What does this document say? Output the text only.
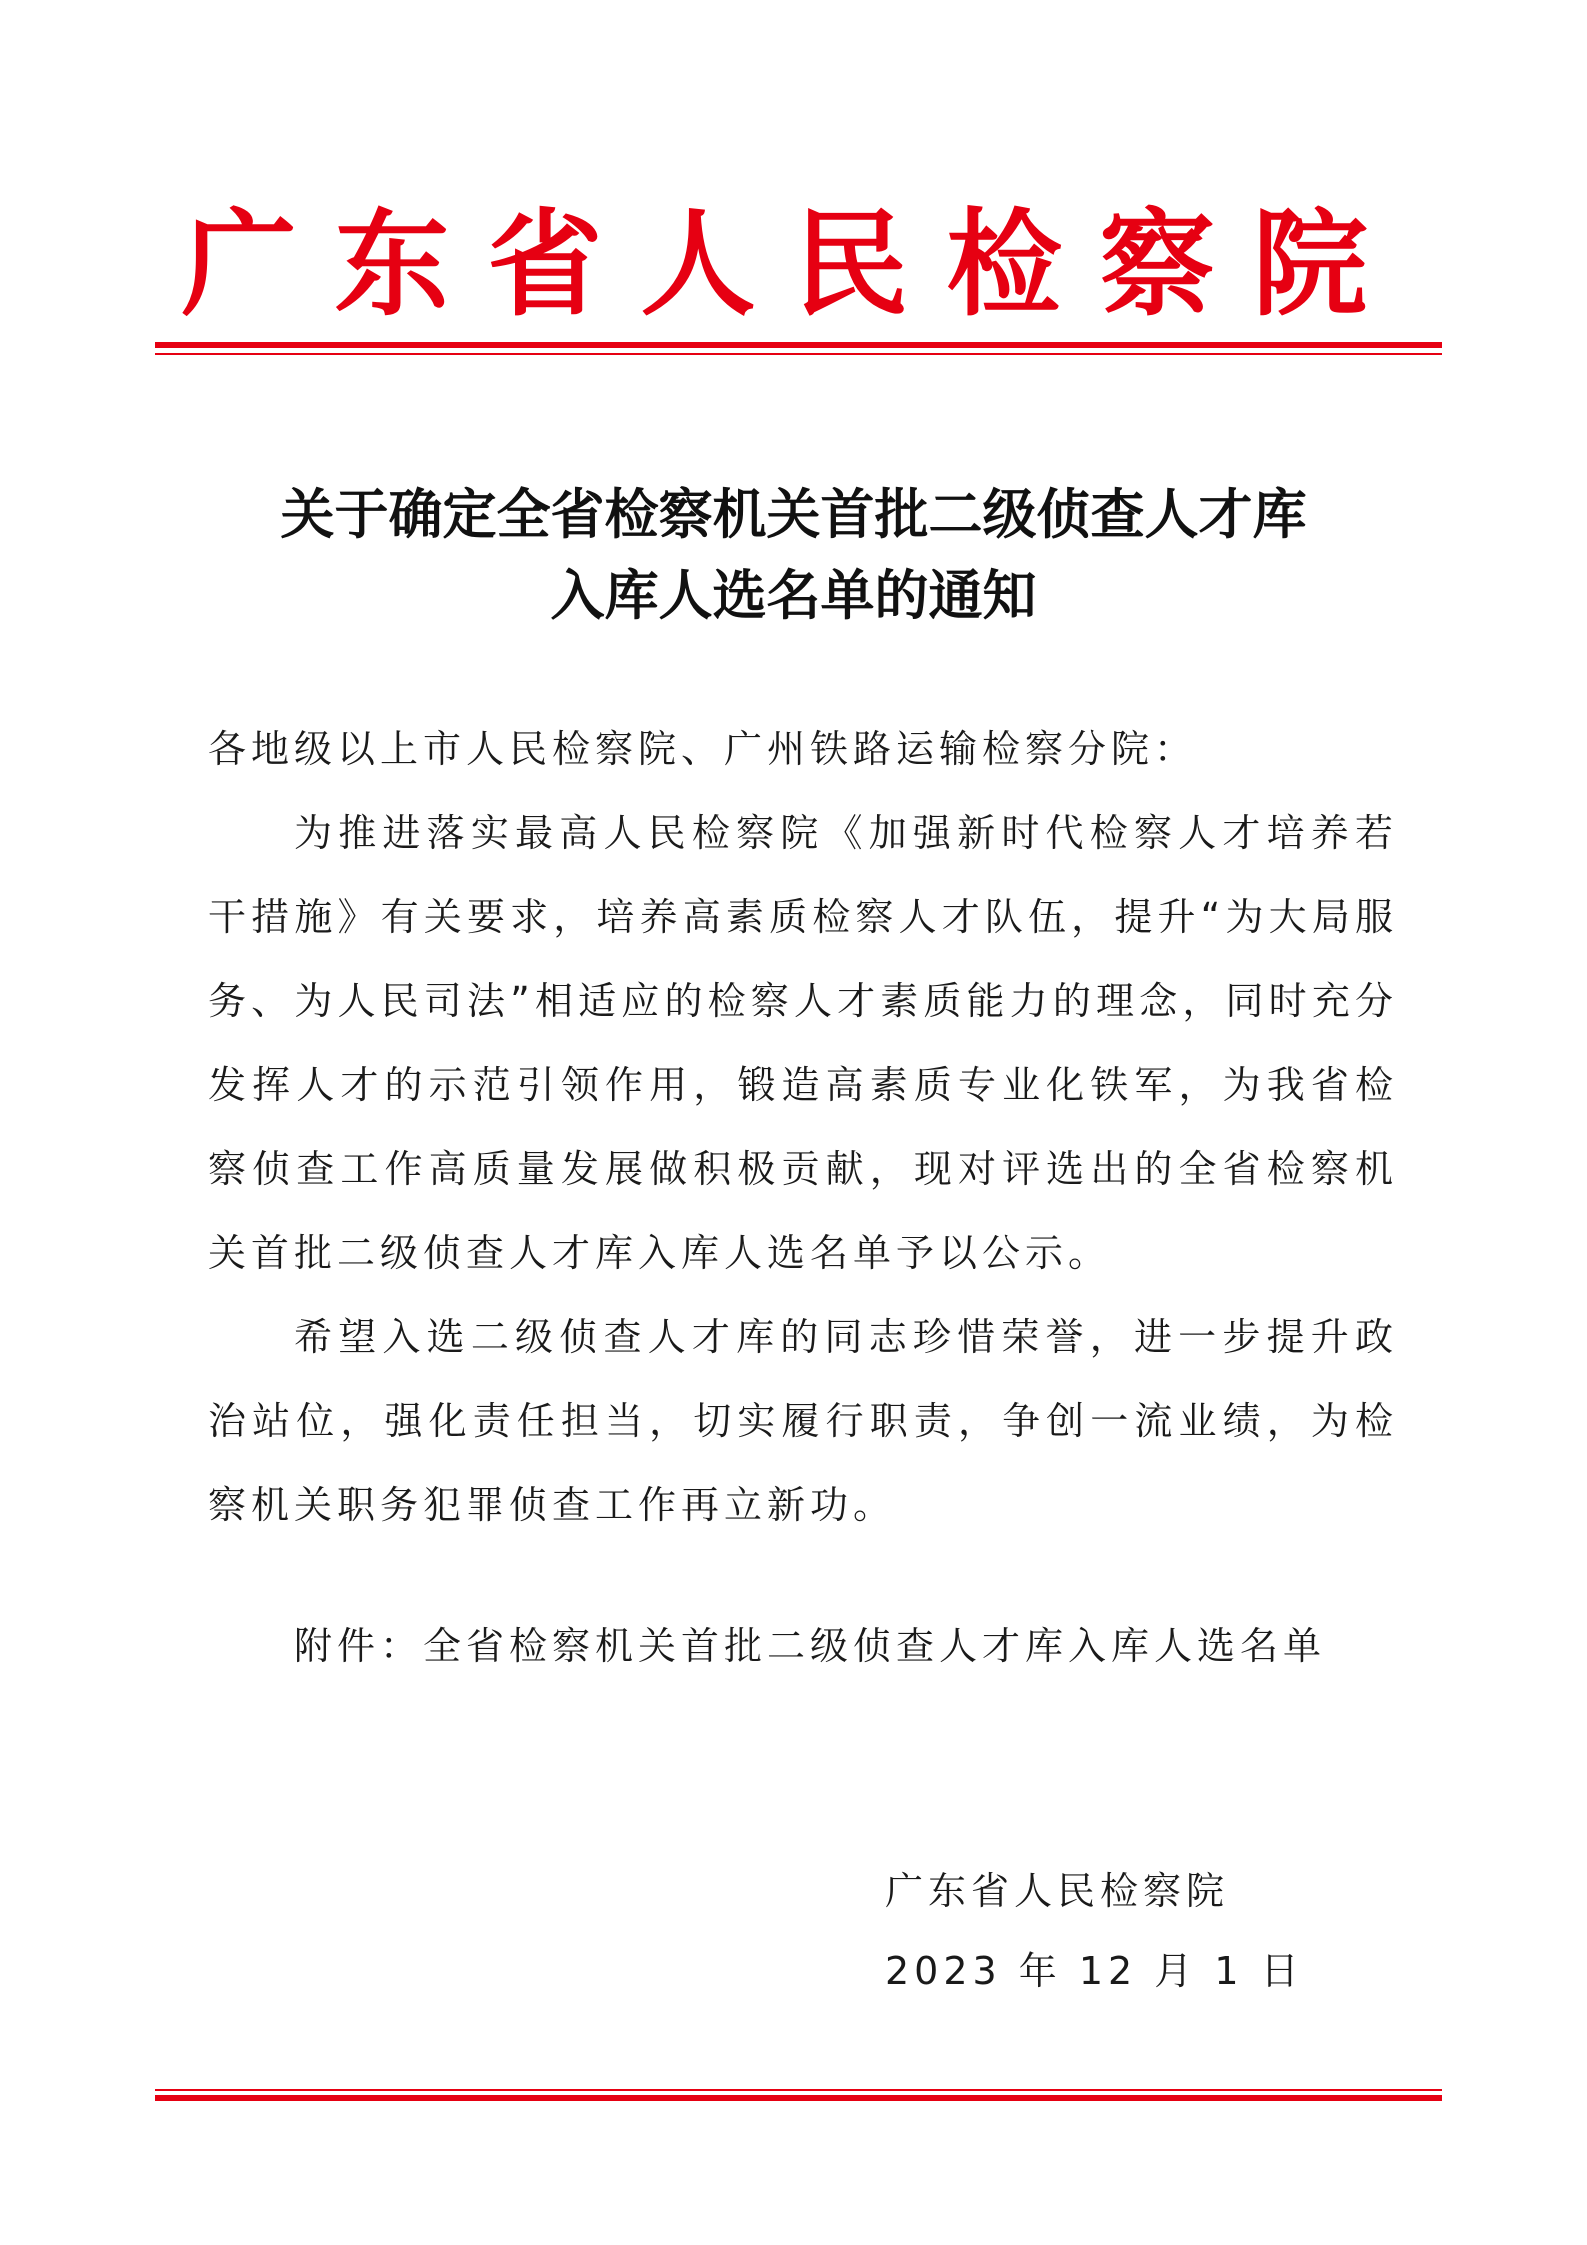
广东省人民检察院
关于确定全省检察机关首批二级侦查人才库
入库人选名单的通知
各地级以上市人民检察院、广州铁路运输检察分院：
为推进落实最高人民检察院《加强新时代检察人才培养若干措施》有关要求，培养高素质检察人才队伍，提升“为大局服务、为人民司法”相适应的检察人才素质能力的理念，同时充分发挥人才的示范引领作用，锻造高素质专业化铁军，为我省检察侦查工作高质量发展做积极贡献，现对评选出的全省检察机关首批二级侦查人才库入库人选名单予以公示。
希望入选二级侦查人才库的同志珍惜荣誉，进一步提升政治站位，强化责任担当，切实履行职责，争创一流业绩，为检察机关职务犯罪侦查工作再立新功。
附件：全省检察机关首批二级侦查人才库入库人选名单
广东省人民检察院
2023 年 12 月 1 日
